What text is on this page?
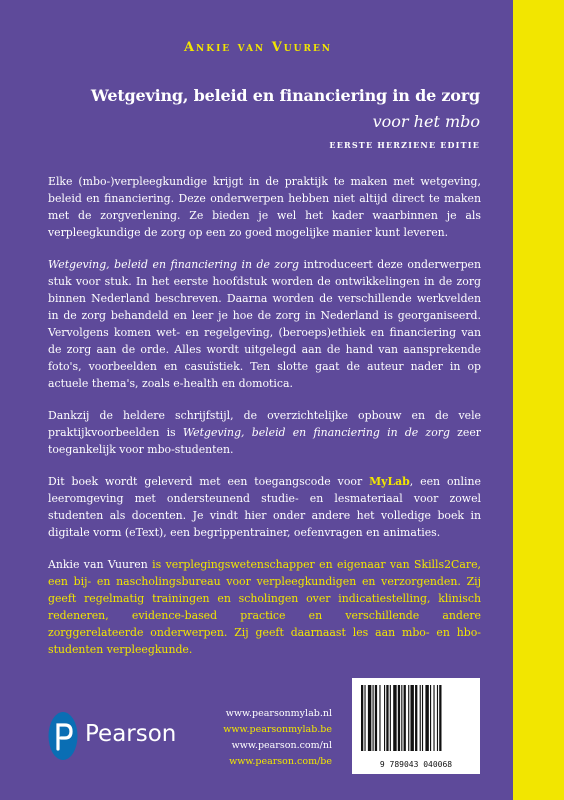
Ankie van Vuuren
Wetgeving, beleid en financiering in de zorg
voor het mbo
EERSTE HERZIENE EDITIE

Elke (mbo-)verpleegkundige krijgt in de praktijk te maken met wetgeving, beleid en financiering. Deze onderwerpen hebben niet altijd direct te maken met de zorgverlening. Ze bieden je wel het kader waarbinnen je als verpleegkundige de zorg op een zo goed mogelijke manier kunt leveren.

Wetgeving, beleid en financiering in de zorg introduceert deze onderwerpen stuk voor stuk. In het eerste hoofdstuk worden de ontwikkelingen in de zorg binnen Nederland beschreven. Daarna worden de verschillende werkvelden in de zorg behandeld en leer je hoe de zorg in Nederland is georganiseerd. Vervolgens komen wet- en regelgeving, (beroeps)ethiek en financiering van de zorg aan de orde. Alles wordt uitgelegd aan de hand van aansprekende foto's, voorbeelden en casuïstiek. Ten slotte gaat de auteur nader in op actuele thema's, zoals e-health en domotica.

Dankzij de heldere schrijfstijl, de overzichtelijke opbouw en de vele praktijkvoorbeelden is Wetgeving, beleid en financiering in de zorg zeer toegankelijk voor mbo-studenten.

Dit boek wordt geleverd met een toegangscode voor MyLab, een online leeromgeving met ondersteunend studie- en lesmateriaal voor zowel studenten als docenten. Je vindt hier onder andere het volledige boek in digitale vorm (eText), een begrippentrainer, oefenvragen en animaties.

Ankie van Vuuren is verplegingswetenschapper en eigenaar van Skills2Care, een bij- en nascholingsbureau voor verpleegkundigen en verzorgenden. Zij geeft regelmatig trainingen en scholingen over indicatiestelling, klinisch redeneren, evidence-based practice en verschillende andere zorggerelateerde onderwerpen. Zij geeft daarnaast les aan mbo- en hbo-studenten verpleegkunde.

Pearson
www.pearsonmylab.nl
www.pearsonmylab.be
www.pearson.com/nl
www.pearson.com/be	9 789043 040068
